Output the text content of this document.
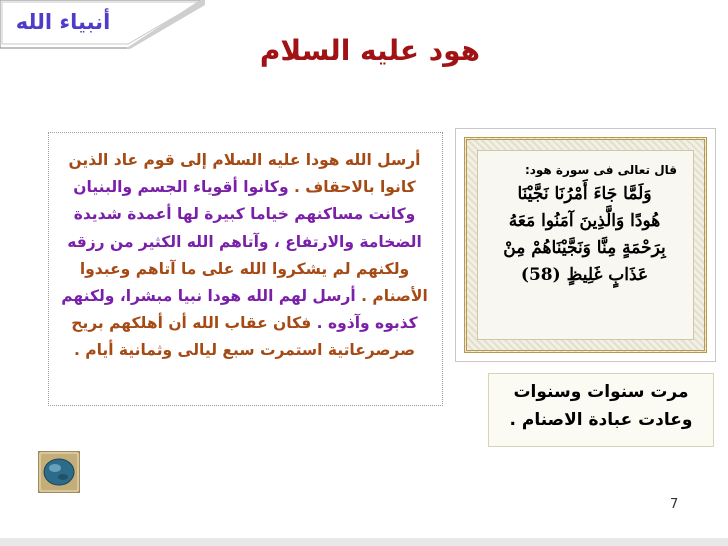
أنبياء الله
هود عليه السلام
قال تعالى فى سورة هود:
وَلَمَّا جَاءَ أَمْرُنَا نَجَّيْنَا
هُودًا وَالَّذِينَ آمَنُوا مَعَهُ
بِرَحْمَةٍ مِنَّا وَنَجَّيْنَاهُمْ مِنْ
عَذَابٍ غَلِيظٍ (58)
أرسل الله هودا عليه السلام إلى قوم عاد الذين
كانوا بالاحقاف . وكانوا أقوياء الجسم والبنيان
وكانت مساكنهم خياما كبيرة لها أعمدة شديدة
الضخامة والارتفاع ، وآتاهم الله الكثير من رزقه
ولكنهم لم يشكروا الله على ما آتاهم وعبدوا
الأصنام . أرسل لهم الله هودا نبيا مبشرا، ولكنهم
كذبوه وآذوه . فكان عقاب الله أن أهلكهم بريح
صرصرعاتية استمرت سبع ليالى وثمانية أيام .
مرت سنوات وسنوات
وعادت عبادة الاصنام .
7
